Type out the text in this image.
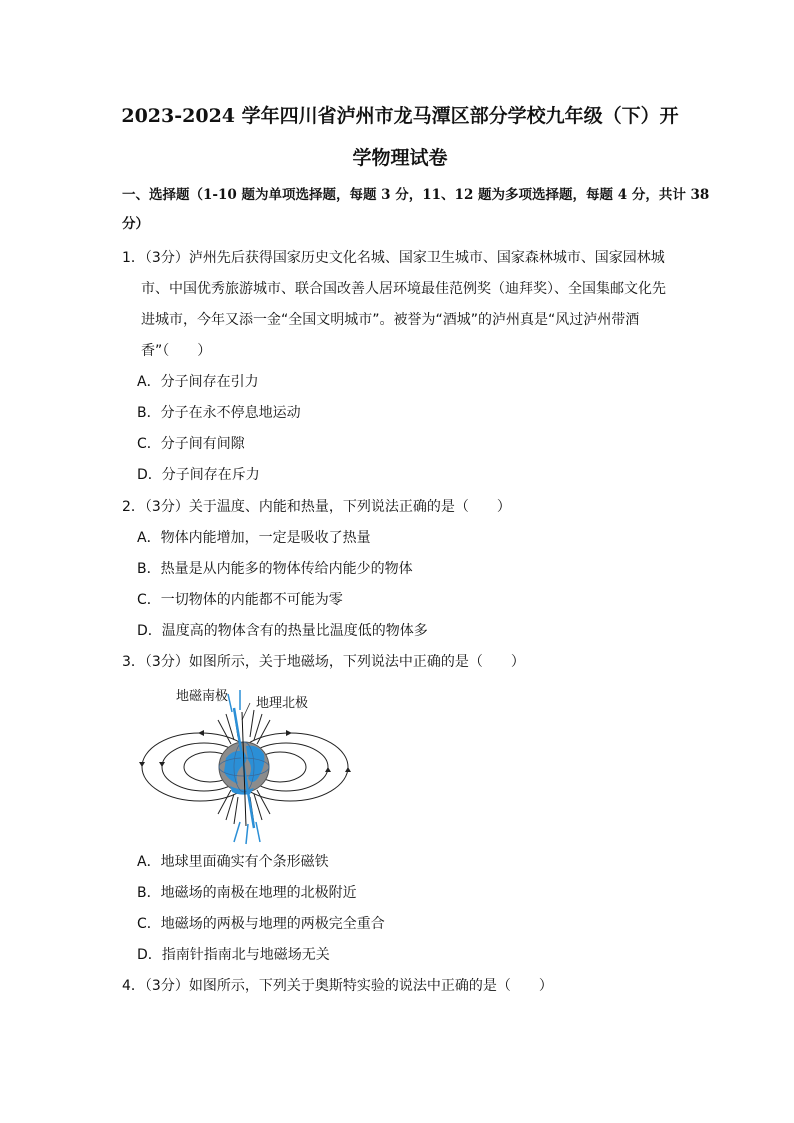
2023-2024 学年四川省泸州市龙马潭区部分学校九年级（下）开
学物理试卷
一、选择题（1-10 题为单项选择题，每题 3 分，11、12 题为多项选择题，每题 4 分，共计 38
分）
1．（3分）泸州先后获得国家历史文化名城、国家卫生城市、国家森林城市、国家园林城
市、中国优秀旅游城市、联合国改善人居环境最佳范例奖（迪拜奖）、全国集邮文化先
进城市，今年又添一金“全国文明城市”。被誉为“酒城”的泸州真是“风过泸州带酒
香”（　　）
A．分子间存在引力
B．分子在永不停息地运动
C．分子间有间隙
D．分子间存在斥力
2．（3分）关于温度、内能和热量，下列说法正确的是（　　）
A．物体内能增加，一定是吸收了热量
B．热量是从内能多的物体传给内能少的物体
C．一切物体的内能都不可能为零
D．温度高的物体含有的热量比温度低的物体多
3．（3分）如图所示，关于地磁场，下列说法中正确的是（　　）
地磁南极 地理北极
A．地球里面确实有个条形磁铁
B．地磁场的南极在地理的北极附近
C．地磁场的两极与地理的两极完全重合
D．指南针指南北与地磁场无关
4．（3分）如图所示，下列关于奥斯特实验的说法中正确的是（　　）
